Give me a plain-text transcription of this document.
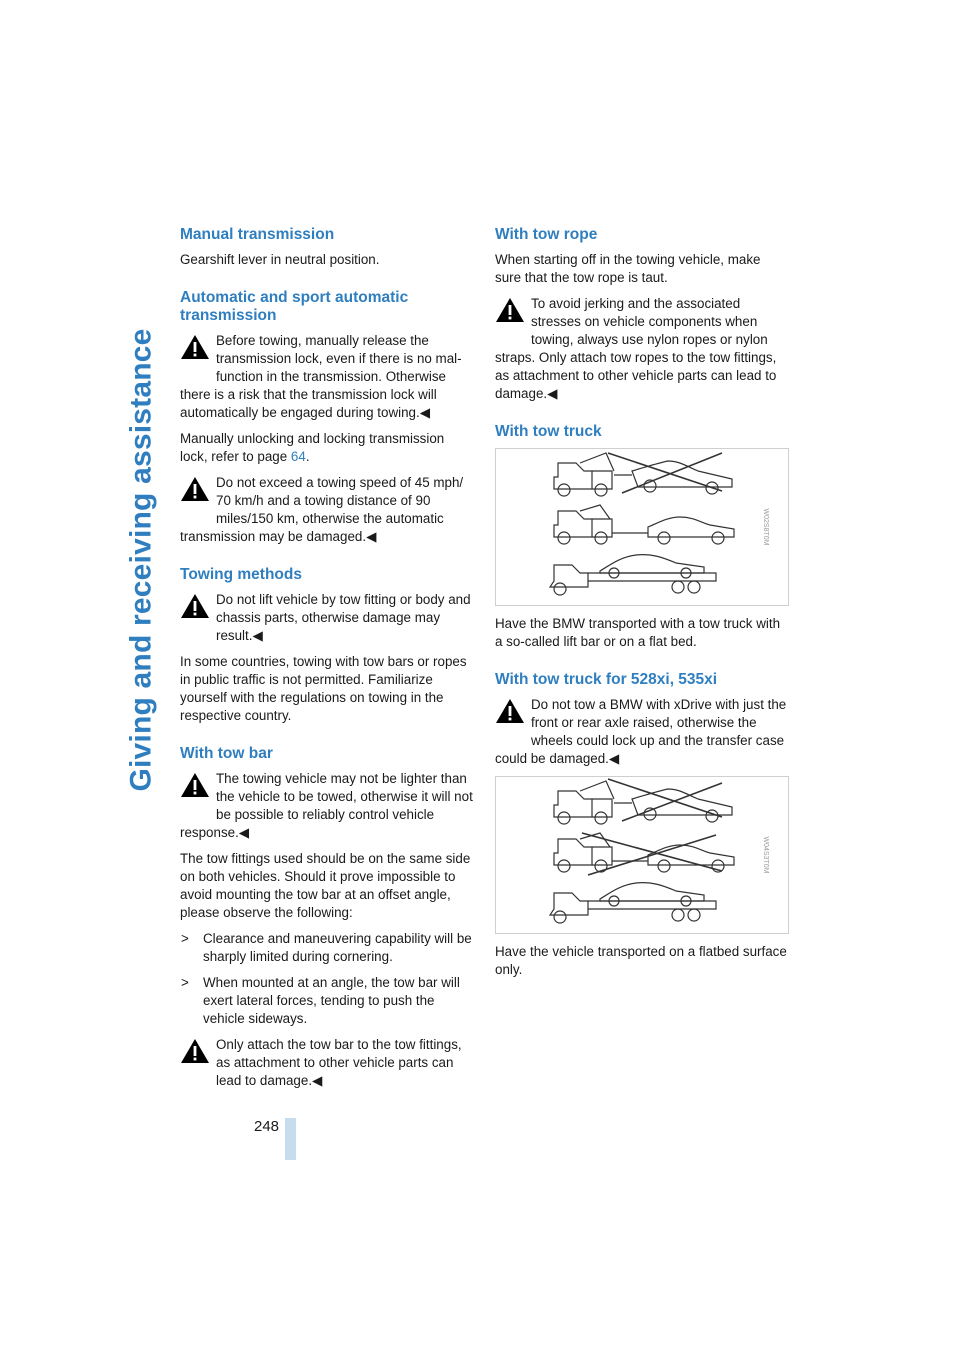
Giving and receiving assistance
248
Manual transmission

Gearshift lever in neutral position.

Automatic and sport automatic transmission
Before towing, manually release the transmission lock, even if there is no malfunction in the transmission. Otherwise there is a risk that the transmission lock will automatically be engaged during towing.◀

Manually unlocking and locking transmission lock, refer to page 64.

Do not exceed a towing speed of 45 mph/ 70 km/h and a towing distance of 90 miles/150 km, otherwise the automatic transmission may be damaged.◀
Towing methods
Do not lift vehicle by tow fitting or body and chassis parts, otherwise damage may result.◀

In some countries, towing with tow bars or ropes in public traffic is not permitted. Familiarize yourself with the regulations on towing in the respective country.

With tow bar
The towing vehicle may not be lighter than the vehicle to be towed, otherwise it will not be possible to reliably control vehicle response.◀

The tow fittings used should be on the same side on both vehicles. Should it prove impossible to avoid mounting the tow bar at an offset angle, please observe the following:

> Clearance and maneuvering capability will be sharply limited during cornering.
> When mounted at an angle, the tow bar will exert lateral forces, tending to push the vehicle sideways.
Only attach the tow bar to the tow fittings, as attachment to other vehicle parts can lead to damage.◀
With tow rope

When starting off in the towing vehicle, make sure that the tow rope is taut.

To avoid jerking and the associated stresses on vehicle components when towing, always use nylon ropes or nylon straps. Only attach tow ropes to the tow fittings, as attachment to other vehicle parts can lead to damage.◀
With tow truck
W02S8T0M

Have the BMW transported with a tow truck with a so-called lift bar or on a flat bed.

With tow truck for 528xi, 535xi
Do not tow a BMW with xDrive with just the front or rear axle raised, otherwise the wheels could lock up and the transfer case could be damaged.◀
W04S3T0M

Have the vehicle transported on a flatbed surface only.
